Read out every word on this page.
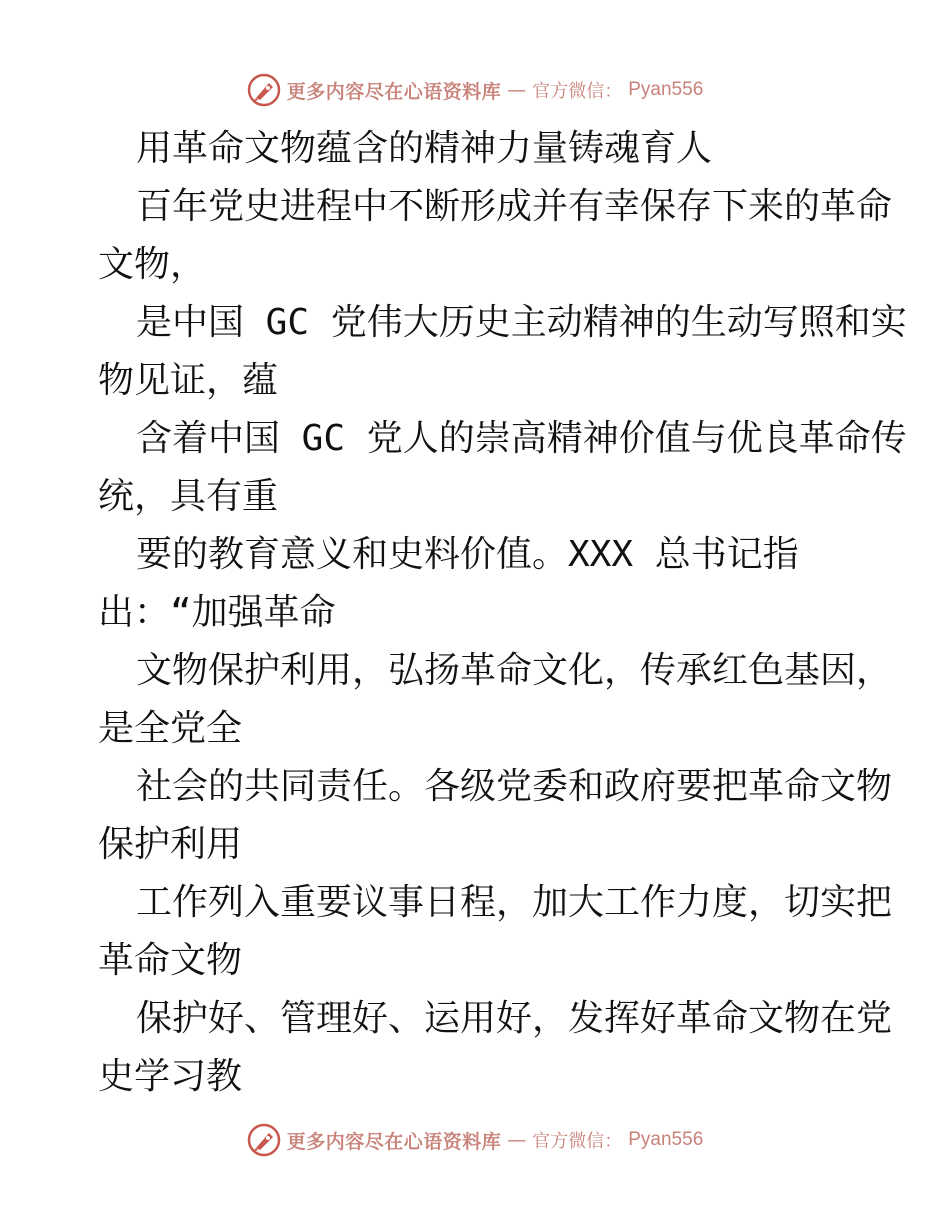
更多内容尽在心语资料库 — 官方微信： Pyan556
用革命文物蕴含的精神力量铸魂育人
百年党史进程中不断形成并有幸保存下来的革命
文物，
是中国 GC 党伟大历史主动精神的生动写照和实
物见证，蕴
含着中国 GC 党人的崇高精神价值与优良革命传
统，具有重
要的教育意义和史料价值。XXX 总书记指
出：“加强革命
文物保护利用，弘扬革命文化，传承红色基因，
是全党全
社会的共同责任。各级党委和政府要把革命文物
保护利用
工作列入重要议事日程，加大工作力度，切实把
革命文物
保护好、管理好、运用好，发挥好革命文物在党
史学习教
更多内容尽在心语资料库 — 官方微信： Pyan556
